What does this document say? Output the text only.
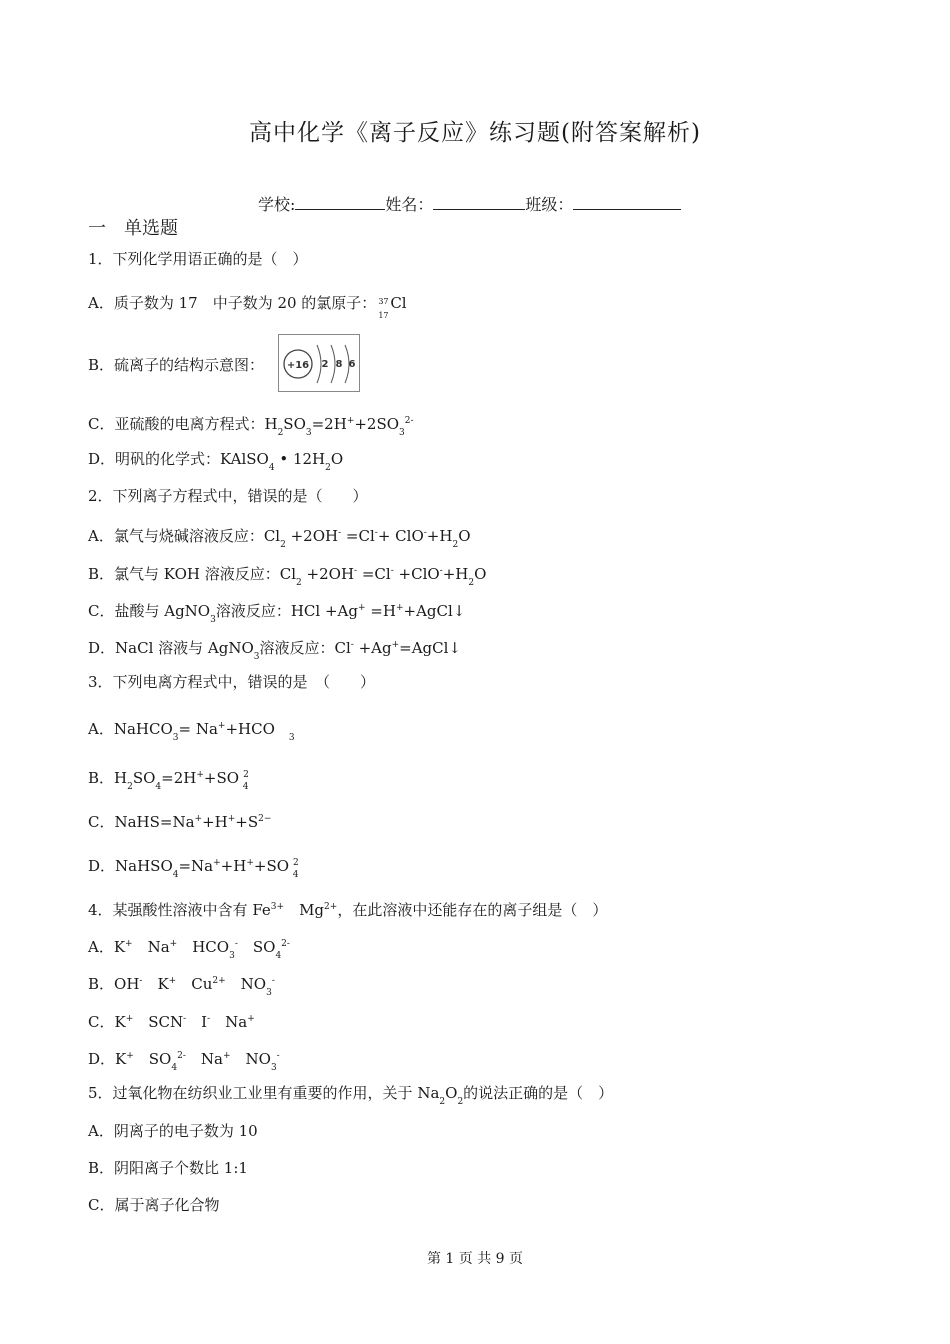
高中化学《离子反应》练习题(附答案解析)
学校:	姓名：	班级：
一　单选题
1．下列化学用语正确的是（　）
A．质子数为 17　中子数为 20 的氯原子： 37
17
Cl
B．硫离子的结构示意图： +16 2 8 6
C．亚硫酸的电离方程式：$H_2SO_3=2H^++2SO_3^{2-}$
D．明矾的化学式：KAlSO$_4$ • $12H_2O$
2．下列离子方程式中，错误的是（　　）
A．氯气与烧碱溶液反应：$Cl_2 +2OH^- =Cl^-+ ClO^-+H_2O$
B．氯气与 KOH 溶液反应：$Cl_2 +2OH^- =Cl^- +ClO^-+H_2O$
C．盐酸与 AgNO$_3$溶液反应：HCl +Ag+ =H++AgCl↓
D．NaCl 溶液与 AgNO$_3$溶液反应：Cl- +Ag+=AgCl↓
3．下列电离方程式中，错误的是　（　　）
A．NaHCO$_3$= Na++HCO $_3$
B．$H_2SO_4=2H^++SO$ $^2_4$
C．$NaHS=Na^++H^++S^{2-}$
D．NaHSO$_4$=Na++H++SO $^2_4$
4．某强酸性溶液中含有 $Fe^{3+}$　$Mg^{2+}$，在此溶液中还能存在的离子组是（　）
A．K+　Na+　$HCO_3^-$　$SO_4^{2-}$
B．OH-　K+　$Cu^{2+}$　$NO_3^-$
C．K+　SCN-　I-　Na+
D．K+　$SO_4^{2-}$　Na+　$NO_3^-$
5．过氧化物在纺织业工业里有重要的作用，关于 $Na_2O_2$的说法正确的是（　）
A．阴离子的电子数为 10
B．阴阳离子个数比 1:1
C．属于离子化合物
第 1 页 共 9 页
